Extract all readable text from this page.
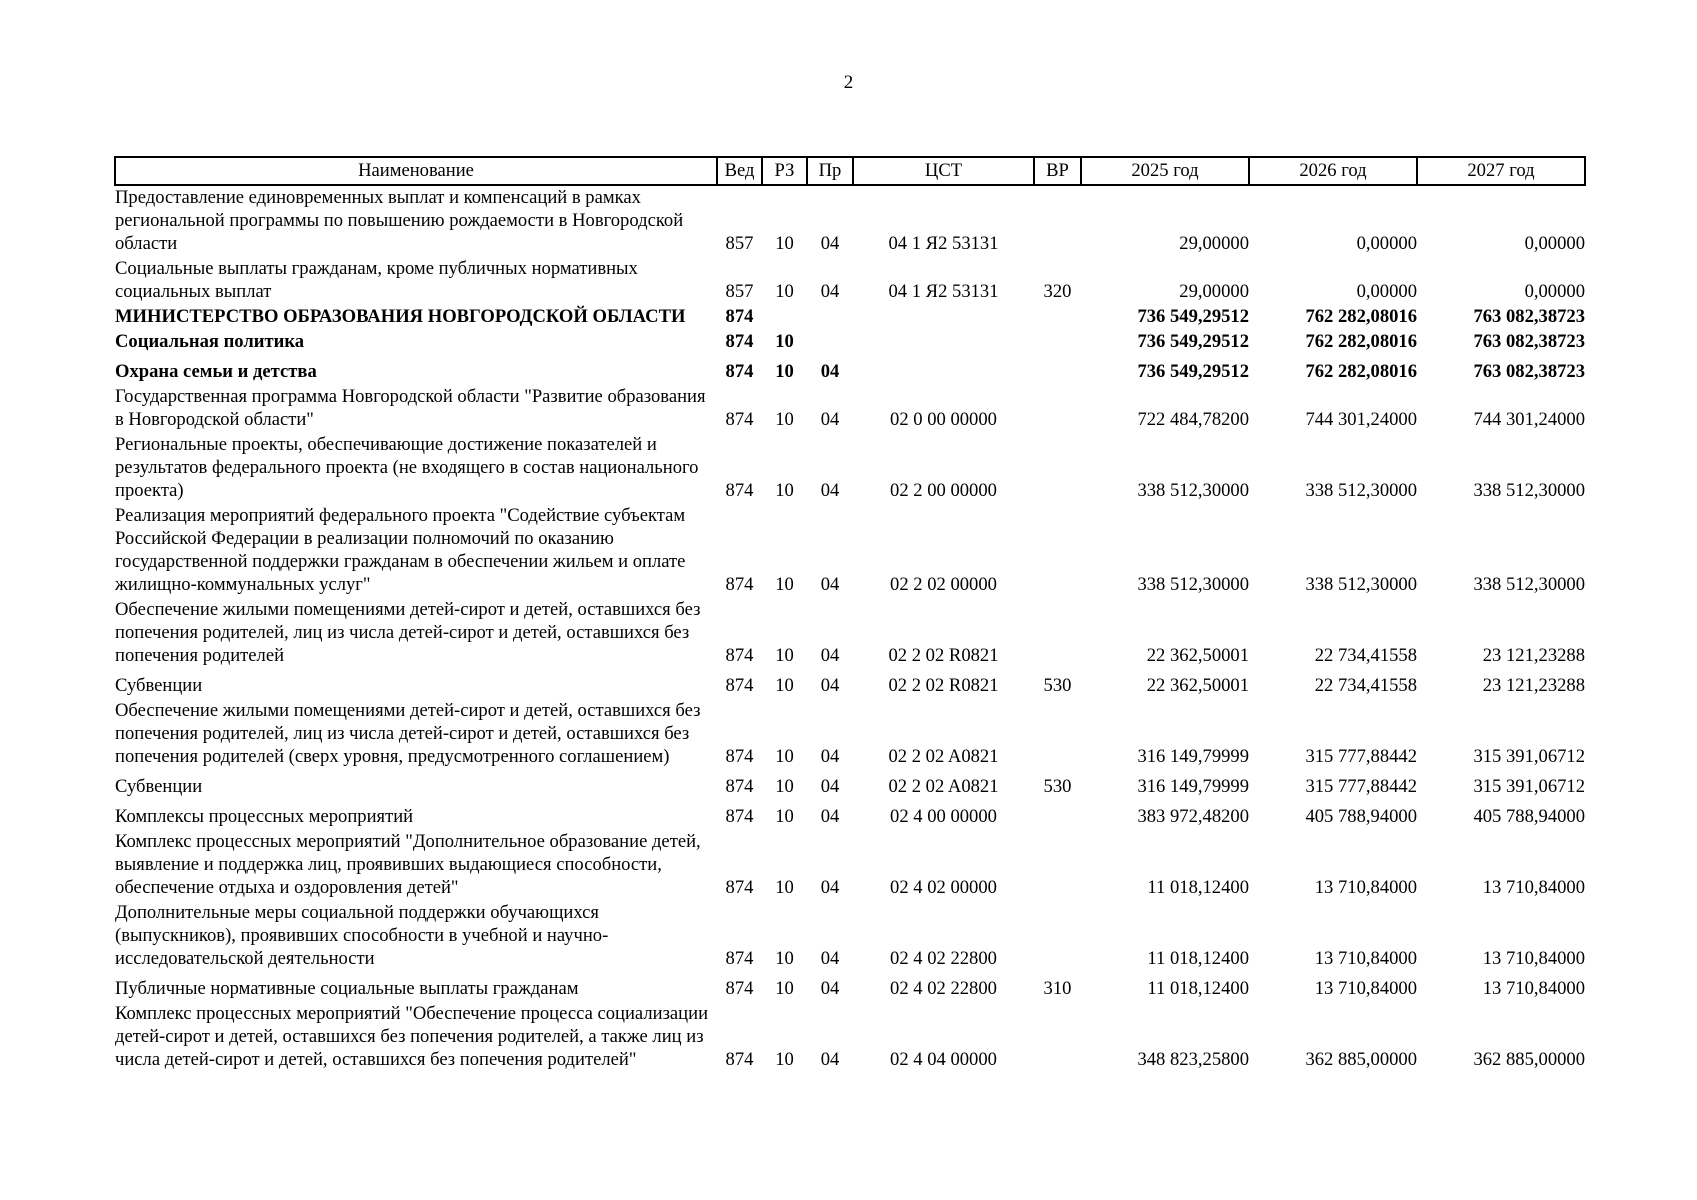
2
Наименование	Вед	РЗ	Пр	ЦСТ	ВР	2025 год	2026 год	2027 год
Предоставление единовременных выплат и компенсаций в рамках региональной программы по повышению рождаемости в Новгородской области	857	10	04	04 1 Я2 53131		29,00000	0,00000	0,00000
Социальные выплаты гражданам, кроме публичных нормативных социальных выплат	857	10	04	04 1 Я2 53131	320	29,00000	0,00000	0,00000
МИНИСТЕРСТВО ОБРАЗОВАНИЯ НОВГОРОДСКОЙ ОБЛАСТИ	874					736 549,29512	762 282,08016	763 082,38723
Социальная политика	874	10				736 549,29512	762 282,08016	763 082,38723
Охрана семьи и детства	874	10	04			736 549,29512	762 282,08016	763 082,38723
Государственная программа Новгородской области "Развитие образования в Новгородской области"	874	10	04	02 0 00 00000		722 484,78200	744 301,24000	744 301,24000
Региональные проекты, обеспечивающие достижение показателей и результатов федерального проекта (не входящего в состав национального проекта)	874	10	04	02 2 00 00000		338 512,30000	338 512,30000	338 512,30000
Реализация мероприятий федерального проекта "Содействие субъектам Российской Федерации в реализации полномочий по оказанию государственной поддержки гражданам в обеспечении жильем и оплате жилищно-коммунальных услуг"	874	10	04	02 2 02 00000		338 512,30000	338 512,30000	338 512,30000
Обеспечение жилыми помещениями детей-сирот и детей, оставшихся без попечения родителей, лиц из числа детей-сирот и детей, оставшихся без попечения родителей	874	10	04	02 2 02 R0821		22 362,50001	22 734,41558	23 121,23288
Субвенции	874	10	04	02 2 02 R0821	530	22 362,50001	22 734,41558	23 121,23288
Обеспечение жилыми помещениями детей-сирот и детей, оставшихся без попечения родителей, лиц из числа детей-сирот и детей, оставшихся без попечения родителей (сверх уровня, предусмотренного соглашением)	874	10	04	02 2 02 A0821		316 149,79999	315 777,88442	315 391,06712
Субвенции	874	10	04	02 2 02 A0821	530	316 149,79999	315 777,88442	315 391,06712
Комплексы процессных мероприятий	874	10	04	02 4 00 00000		383 972,48200	405 788,94000	405 788,94000
Комплекс процессных мероприятий "Дополнительное образование детей, выявление и поддержка лиц, проявивших выдающиеся способности, обеспечение отдыха и оздоровления детей"	874	10	04	02 4 02 00000		11 018,12400	13 710,84000	13 710,84000
Дополнительные меры социальной поддержки обучающихся (выпускников), проявивших способности в учебной и научно-исследовательской деятельности	874	10	04	02 4 02 22800		11 018,12400	13 710,84000	13 710,84000
Публичные нормативные социальные выплаты гражданам	874	10	04	02 4 02 22800	310	11 018,12400	13 710,84000	13 710,84000
Комплекс процессных мероприятий "Обеспечение процесса социализации детей-сирот и детей, оставшихся без попечения родителей, а также лиц из числа детей-сирот и детей, оставшихся без попечения родителей"	874	10	04	02 4 04 00000		348 823,25800	362 885,00000	362 885,00000
